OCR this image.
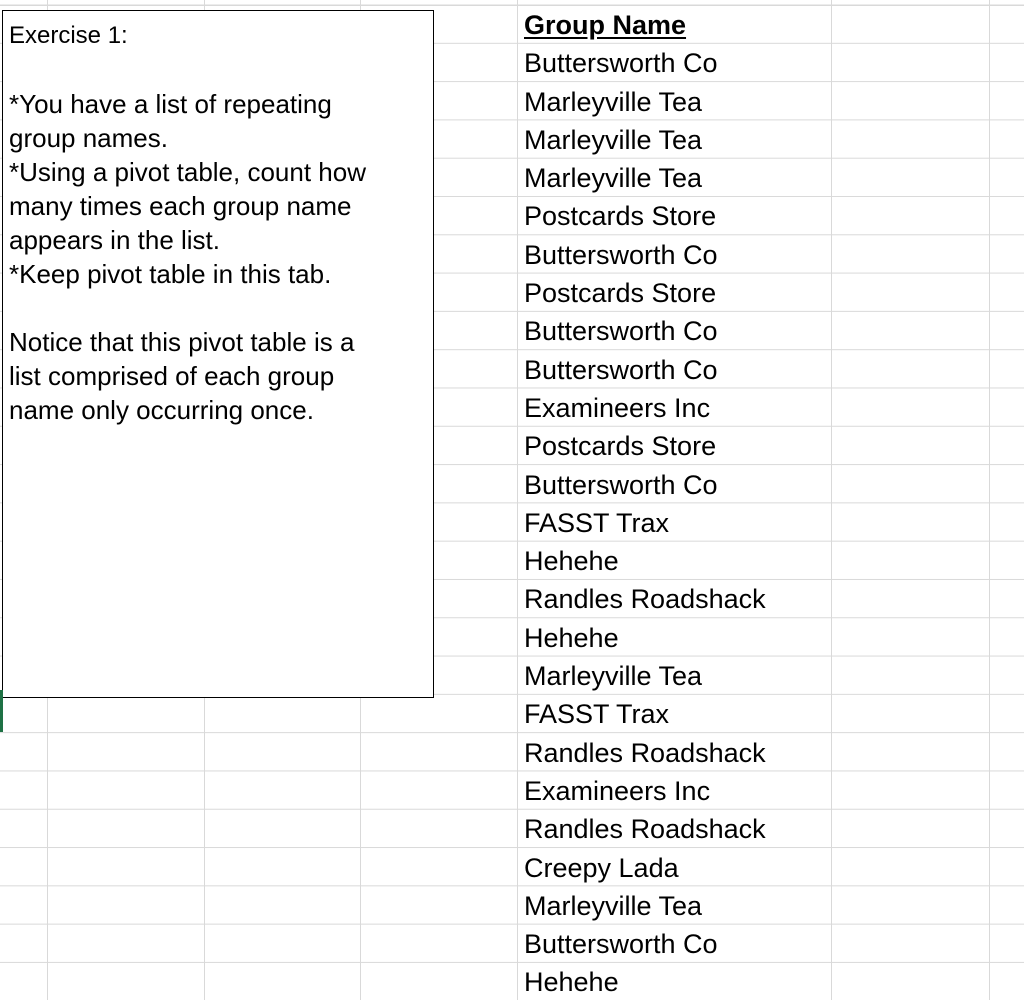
Exercise 1:

*You have a list of repeating
group names.

*Using a pivot table, count how
many times each group name
appears in the list.

*Keep pivot table in this tab.

Notice that this pivot table is a
list comprised of each group
name only occurring once.

Group Name
Buttersworth Co
Marleyville Tea
Marleyville Tea
Marleyville Tea
Postcards Store
Buttersworth Co
Postcards Store
Buttersworth Co
Buttersworth Co
Examineers Inc
Postcards Store
Buttersworth Co
FASST Trax
Hehehe
Randles Roadshack
Hehehe
Marleyville Tea
FASST Trax
Randles Roadshack
Examineers Inc
Randles Roadshack
Creepy Lada
Marleyville Tea
Buttersworth Co
Hehehe
